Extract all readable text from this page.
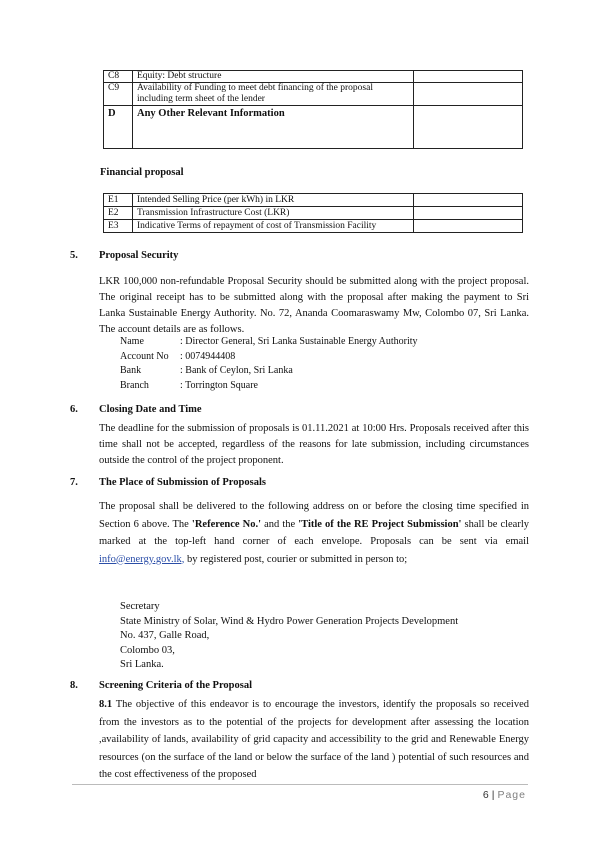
C8	Equity: Debt structure	
C9	Availability of Funding to meet debt financing of the proposal including term sheet of the lender	
D	Any Other Relevant Information	
Financial proposal
E1	Intended Selling Price (per kWh) in LKR	
E2	Transmission Infrastructure Cost (LKR)	
E3	Indicative Terms of repayment of cost of Transmission Facility	
5. Proposal Security

LKR 100,000 non-refundable Proposal Security should be submitted along with the project proposal. The original receipt has to be submitted along with the proposal after making the payment to Sri Lanka Sustainable Energy Authority. No. 72, Ananda Coomaraswamy Mw, Colombo 07, Sri Lanka. The account details are as follows.

Name	: Director General, Sri Lanka Sustainable Energy Authority
Account No	: 0074944408
Bank	: Bank of Ceylon, Sri Lanka
Branch	: Torrington Square
6. Closing Date and Time

The deadline for the submission of proposals is 01.11.2021 at 10:00 Hrs. Proposals received after this time shall not be accepted, regardless of the reasons for late submission, including circumstances outside the control of the project proponent.

7. The Place of Submission of Proposals

The proposal shall be delivered to the following address on or before the closing time specified in Section 6 above. The 'Reference No.' and the 'Title of the RE Project Submission' shall be clearly marked at the top-left hand corner of each envelope. Proposals can be sent via email info@energy.gov.lk, by registered post, courier or submitted in person to;

Secretary
State Ministry of Solar, Wind & Hydro Power Generation Projects Development
No. 437, Galle Road,
Colombo 03,
Sri Lanka.
8. Screening Criteria of the Proposal

8.1 The objective of this endeavor is to encourage the investors, identify the proposals so received from the investors as to the potential of the projects for development after assessing the location ,availability of lands, availability of grid capacity and accessibility to the grid and Renewable Energy resources (on the surface of the land or below the surface of the land ) potential of such resources and the cost effectiveness of the proposed

6 | Page
